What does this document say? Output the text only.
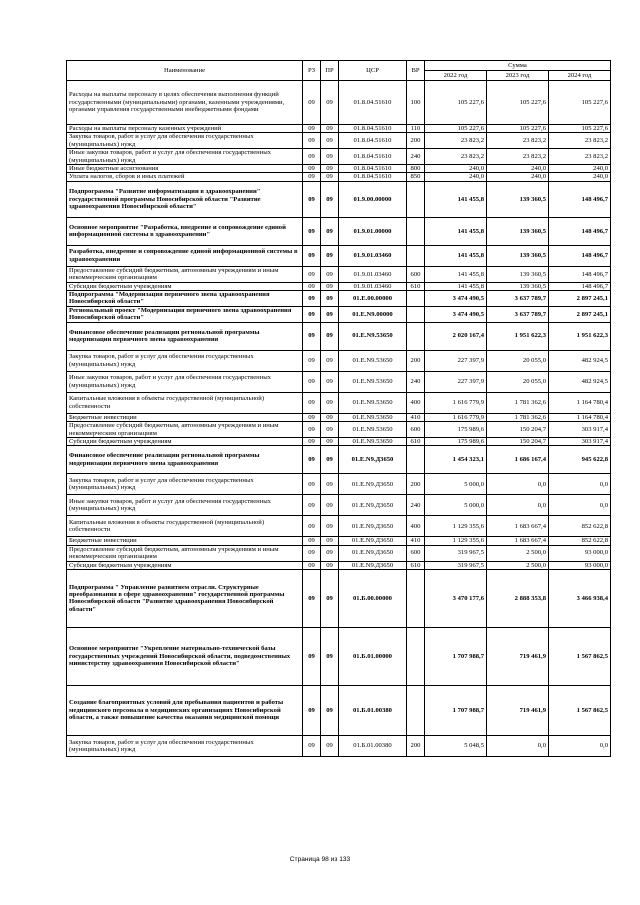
Наименование	РЗ	ПР	ЦСР	ВР	Сумма		
					2022 год	2023 год	2024 год
Расходы на выплаты персоналу в целях обеспечения выполнения функций государственными (муниципальными) органами, казенными учреждениями, органами управления государственными внебюджетными фондами	09	09	01.8.04.51610	100	105 227,6	105 227,6	105 227,6
Расходы на выплаты персоналу казенных учреждений	09	09	01.8.04.51610	110	105 227,6	105 227,6	105 227,6
Закупка товаров, работ и услуг для обеспечения государственных (муниципальных) нужд	09	09	01.8.04.51610	200	23 823,2	23 823,2	23 823,2
Иные закупки товаров, работ и услуг для обеспечения государственных (муниципальных) нужд	09	09	01.8.04.51610	240	23 823,2	23 823,2	23 823,2
Иные бюджетные ассигнования	09	09	01.8.04.51610	800	240,0	240,0	240,0
Уплата налогов, сборов и иных платежей	09	09	01.8.04.51610	850	240,0	240,0	240,0
Подпрограмма "Развитие информатизации в здравоохранении" государственной программы Новосибирской области "Развитие здравоохранения Новосибирской области"	09	09	01.9.00.00000		141 455,8	139 360,5	148 496,7
Основное мероприятие "Разработка, внедрение и сопровождение единой информационной системы в здравоохранении"	09	09	01.9.01.00000		141 455,8	139 360,5	148 496,7
Разработка, внедрение и сопровождение единой информационной системы в здравоохранении	09	09	01.9.01.03460		141 455,8	139 360,5	148 496,7
Предоставление субсидий бюджетным, автономным учреждениям и иным некоммерческим организациям	09	09	01.9.01.03460	600	141 455,8	139 360,5	148 496,7
Субсидии бюджетным учреждениям	09	09	01.9.01.03460	610	141 455,8	139 360,5	148 496,7
Подпрограмма "Модернизация первичного звена здравоохранения Новосибирской области"	09	09	01.E.00.00000		3 474 490,5	3 637 789,7	2 897 245,1
Региональный проект "Модернизация первичного звена здравоохранения Новосибирской области"	09	09	01.E.N9.00000		3 474 490,5	3 637 789,7	2 897 245,1
Финансовое обеспечение реализации региональной программы модернизации первичного звена здравоохранения	09	09	01.E.N9.53650		2 020 167,4	1 951 622,3	1 951 622,3
Закупка товаров, работ и услуг для обеспечения государственных (муниципальных) нужд	09	09	01.E.N9.53650	200	227 397,9	20 055,0	482 924,5
Иные закупки товаров, работ и услуг для обеспечения государственных (муниципальных) нужд	09	09	01.E.N9.53650	240	227 397,9	20 055,0	482 924,5
Капитальные вложения в объекты государственной (муниципальной) собственности	09	09	01.E.N9.53650	400	1 616 779,9	1 781 362,6	1 164 780,4
Бюджетные инвестиции	09	09	01.E.N9.53650	410	1 616 779,9	1 781 362,6	1 164 780,4
Предоставление субсидий бюджетным, автономным учреждениям и иным некоммерческим организациям	09	09	01.E.N9.53650	600	175 989,6	150 204,7	303 917,4
Субсидии бюджетным учреждениям	09	09	01.E.N9.53650	610	175 989,6	150 204,7	303 917,4
Финансовое обеспечение реализации региональной программы модернизации первичного звена здравоохранения	09	09	01.E.N9.Д3650		1 454 323,1	1 686 167,4	945 622,8
Закупка товаров, работ и услуг для обеспечения государственных (муниципальных) нужд	09	09	01.E.N9.Д3650	200	5 000,0	0,0	0,0
Иные закупки товаров, работ и услуг для обеспечения государственных (муниципальных) нужд	09	09	01.E.N9.Д3650	240	5 000,0	0,0	0,0
Капитальные вложения в объекты государственной (муниципальной) собственности	09	09	01.E.N9.Д3650	400	1 129 355,6	1 683 667,4	852 622,8
Бюджетные инвестиции	09	09	01.E.N9.Д3650	410	1 129 355,6	1 683 667,4	852 622,8
Предоставление субсидий бюджетным, автономным учреждениям и иным некоммерческим организациям	09	09	01.E.N9.Д3650	600	319 967,5	2 500,0	93 000,0
Субсидии бюджетным учреждениям	09	09	01.E.N9.Д3650	610	319 967,5	2 500,0	93 000,0
Подпрограмма " Управление развитием отрасли. Структурные преобразования в сфере здравоохранения" государственной программы Новосибирской области "Развитие здравоохранения Новосибирской области"	09	09	01.Б.00.00000		3 470 177,6	2 888 353,8	3 466 938,4
Основное мероприятие "Укрепление материально-технической базы государственных учреждений Новосибирской области, подведомственных министерству здравоохранения Новосибирской области"	09	09	01.Б.01.00000		1 707 988,7	719 461,9	1 567 862,5
Создание благоприятных условий для пребывания пациентов и работы медицинского персонала в медицинских организациях Новосибирской области, а также повышение качества оказания медицинской помощи	09	09	01.Б.01.00380		1 707 988,7	719 461,9	1 567 862,5
Закупка товаров, работ и услуг для обеспечения государственных (муниципальных) нужд	09	09	01.Б.01.00380	200	5 048,5	0,0	0,0
Страница 98 из 133
